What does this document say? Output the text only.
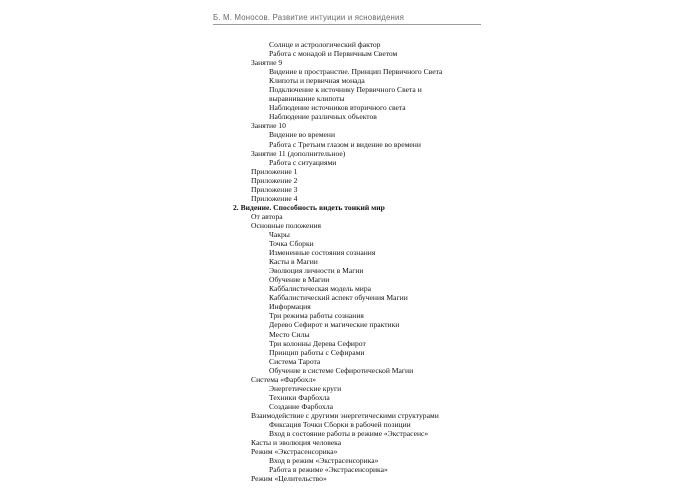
Б. М. Моносов. Развитие интуиции и ясновидения
Солнце и астрологический фактор
Работа с монадой и Первичным Светом
Занятие 9
Видение в пространстве. Принцип Первичного Света
Клипоты и первичная монада
Подключение к источнику Первичного Света и
выравнивание клипоты
Наблюдение источников вторичного света
Наблюдение различных объектов
Занятие 10
Видение во времени
Работа с Третьим глазом и видение во времени
Занятие 11 (дополнительное)
Работа с ситуациями
Приложение 1
Приложение 2
Приложение 3
Приложение 4
2. Видение. Способность видеть тонкий мир
От автора
Основные положения
Чакры
Точка Сборки
Измененные состояния сознания
Касты в Магии
Эволюция личности в Магии
Обучение в Магии
Каббалистическая модель мира
Каббалистический аспект обучения Магии
Информация
Три режима работы сознания
Дерево Сефирот и магические практики
Место Силы
Три колонны Дерева Сефирот
Принцип работы с Сефирами
Система Таротa
Обучение в системе Сефиротической Магии
Система «Фарбохл»
Энергетические круги
Техники Фарбохла
Создание Фарбохла
Взаимодействие с другими энергетическими структурами
Фиксация Точки Сборки в рабочей позиции
Вход в состояние работы в режиме «Экстрасенс»
Касты и эволюция человека
Режим «Экстрасенсорика»
Вход в режим «Экстрасенсорика»
Работа в режиме «Экстрасенсорика»
Режим «Целительство»
